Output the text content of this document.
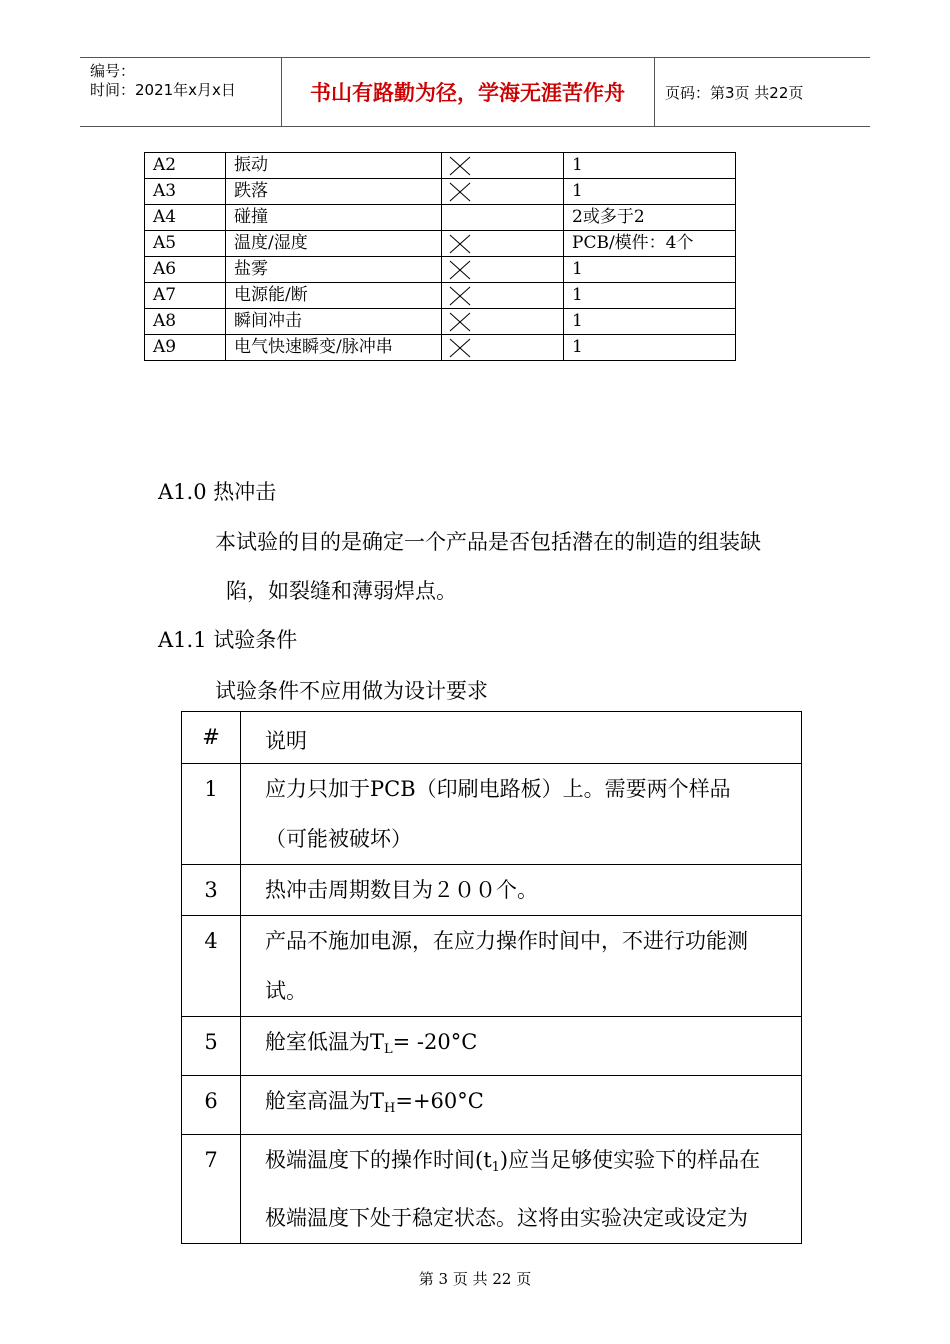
编号：
时间：2021年x月x日	书山有路勤为径，学海无涯苦作舟	页码：第3页 共22页
A2	振动		1
A3	跌落		1
A4	碰撞		2或多于2
A5	温度/湿度		PCB/模件：4个
A6	盐雾		1
A7	电源能/断		1
A8	瞬间冲击		1
A9	电气快速瞬变/脉冲串		1
A1.0 热冲击
本试验的目的是确定一个产品是否包括潜在的制造的组装缺
陷，如裂缝和薄弱焊点。
A1.1 试验条件
试验条件不应用做为设计要求
#	说明
1	应力只加于PCB（印刷电路板）上。需要两个样品
（可能被破坏）

3	热冲击周期数目为２００个。

4	产品不施加电源，在应力操作时间中，不进行功能测
试。

5	舱室低温为$T_L= -20^\circ C$

6	舱室高温为$T_H=+60^\circ C$

7	极端温度下的操作时间$(t_1)$应当足够使实验下的样品在
极端温度下处于稳定状态。这将由实验决定或设定为
第 3 页 共 22 页
